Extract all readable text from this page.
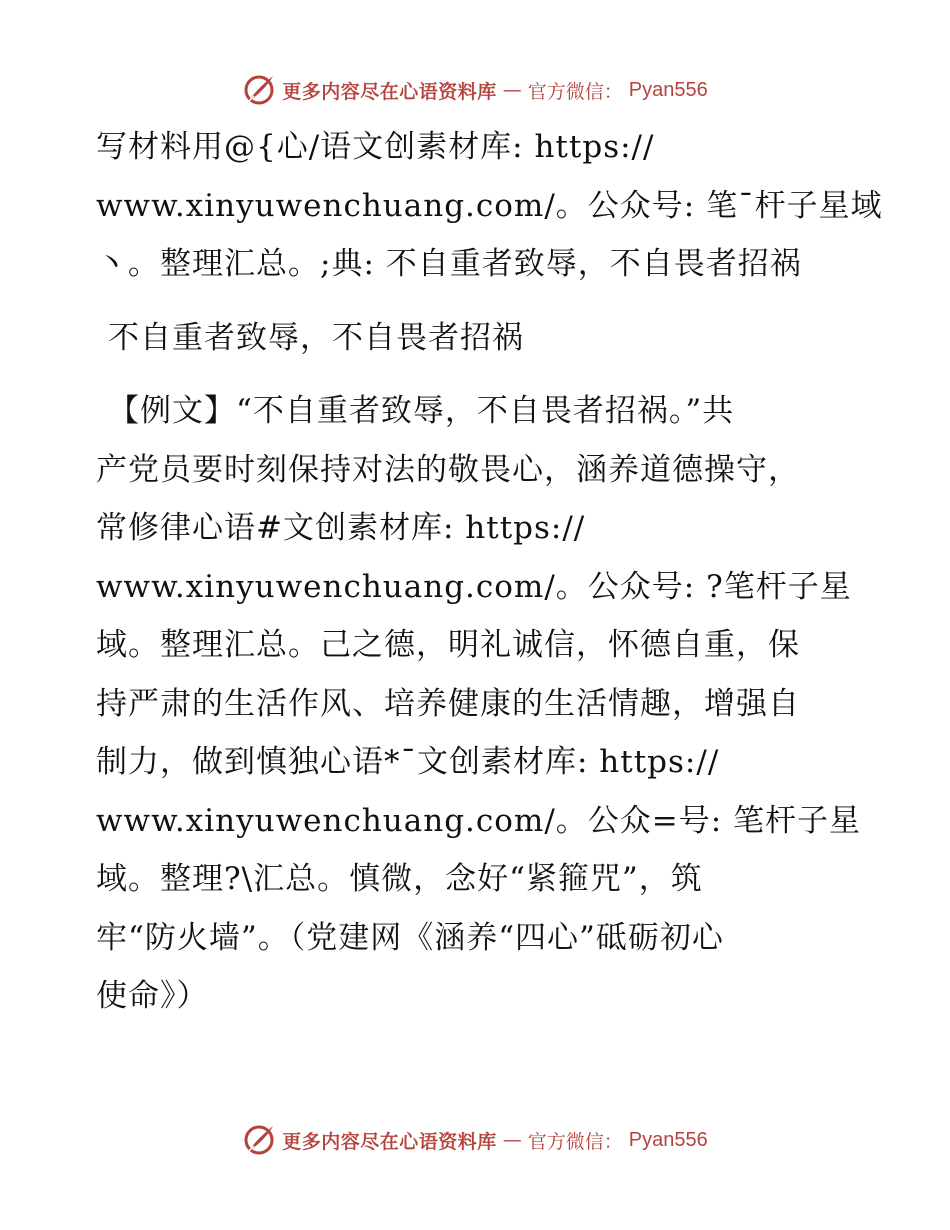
更多内容尽在心语资料库 — 官方微信： Pyan556
写材料用@{心/语文创素材库: https://
www.xinyuwenchuang.com/。公众号: 笔¯杆子星域
丶。整理汇总。;典: 不自重者致辱，不自畏者招祸
不自重者致辱，不自畏者招祸
【例文】“不自重者致辱，不自畏者招祸。”共
产党员要时刻保持对法的敬畏心，涵养道德操守，
常修律心语#文创素材库: https://
www.xinyuwenchuang.com/。公众号: ?笔杆子星
域。整理汇总。己之德，明礼诚信，怀德自重，保
持严肃的生活作风、培养健康的生活情趣，增强自
制力，做到慎独心语*¯文创素材库: https://
www.xinyuwenchuang.com/。公众=号: 笔杆子星
域。整理?\汇总。慎微，念好“紧箍咒”，筑
牢“防火墙”。（党建网《涵养“四心”砥砺初心
使命》）
更多内容尽在心语资料库 — 官方微信： Pyan556
